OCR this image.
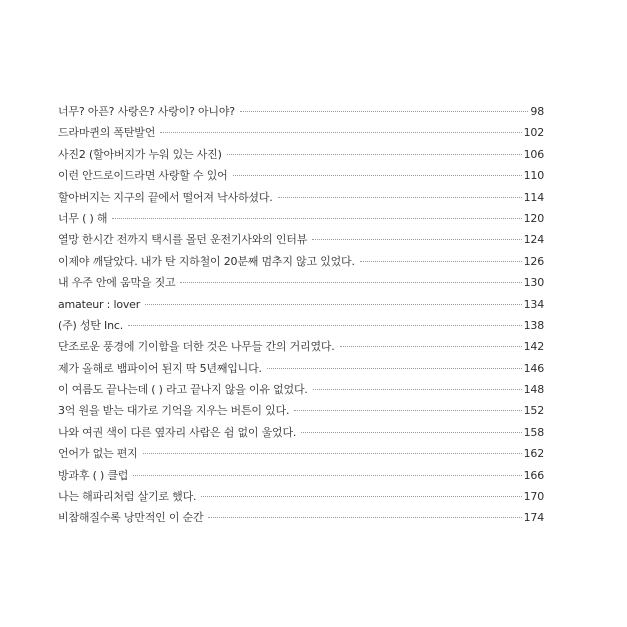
너무? 아픈? 사랑은? 사랑이? 아니야?	98
드라마퀸의 폭탄발언	102
사진2 (할아버지가 누워 있는 사진)	106
이런 안드로이드라면 사랑할 수 있어	110
할아버지는 지구의 끝에서 떨어져 낙사하셨다.	114
너무 ( ) 해	120
열망 한시간 전까지 택시를 몰던 운전기사와의 인터뷰	124
이제야 깨달았다. 내가 탄 지하철이 20분째 멈추지 않고 있었다.	126
내 우주 안에 움막을 짓고	130
amateur : lover	134
(주) 성탄 Inc.	138
단조로운 풍경에 기이함을 더한 것은 나무들 간의 거리였다.	142
제가 올해로 뱀파이어 된지 딱 5년째입니다.	146
이 여름도 끝나는데 ( ) 라고 끝나지 않을 이유 없었다.	148
3억 원을 받는 대가로 기억을 지우는 버튼이 있다.	152
나와 여권 색이 다른 옆자리 사람은 쉼 없이 울었다.	158
언어가 없는 편지	162
방과후 ( ) 클럽	166
나는 해파리처럼 살기로 했다.	170
비참해질수록 낭만적인 이 순간	174
